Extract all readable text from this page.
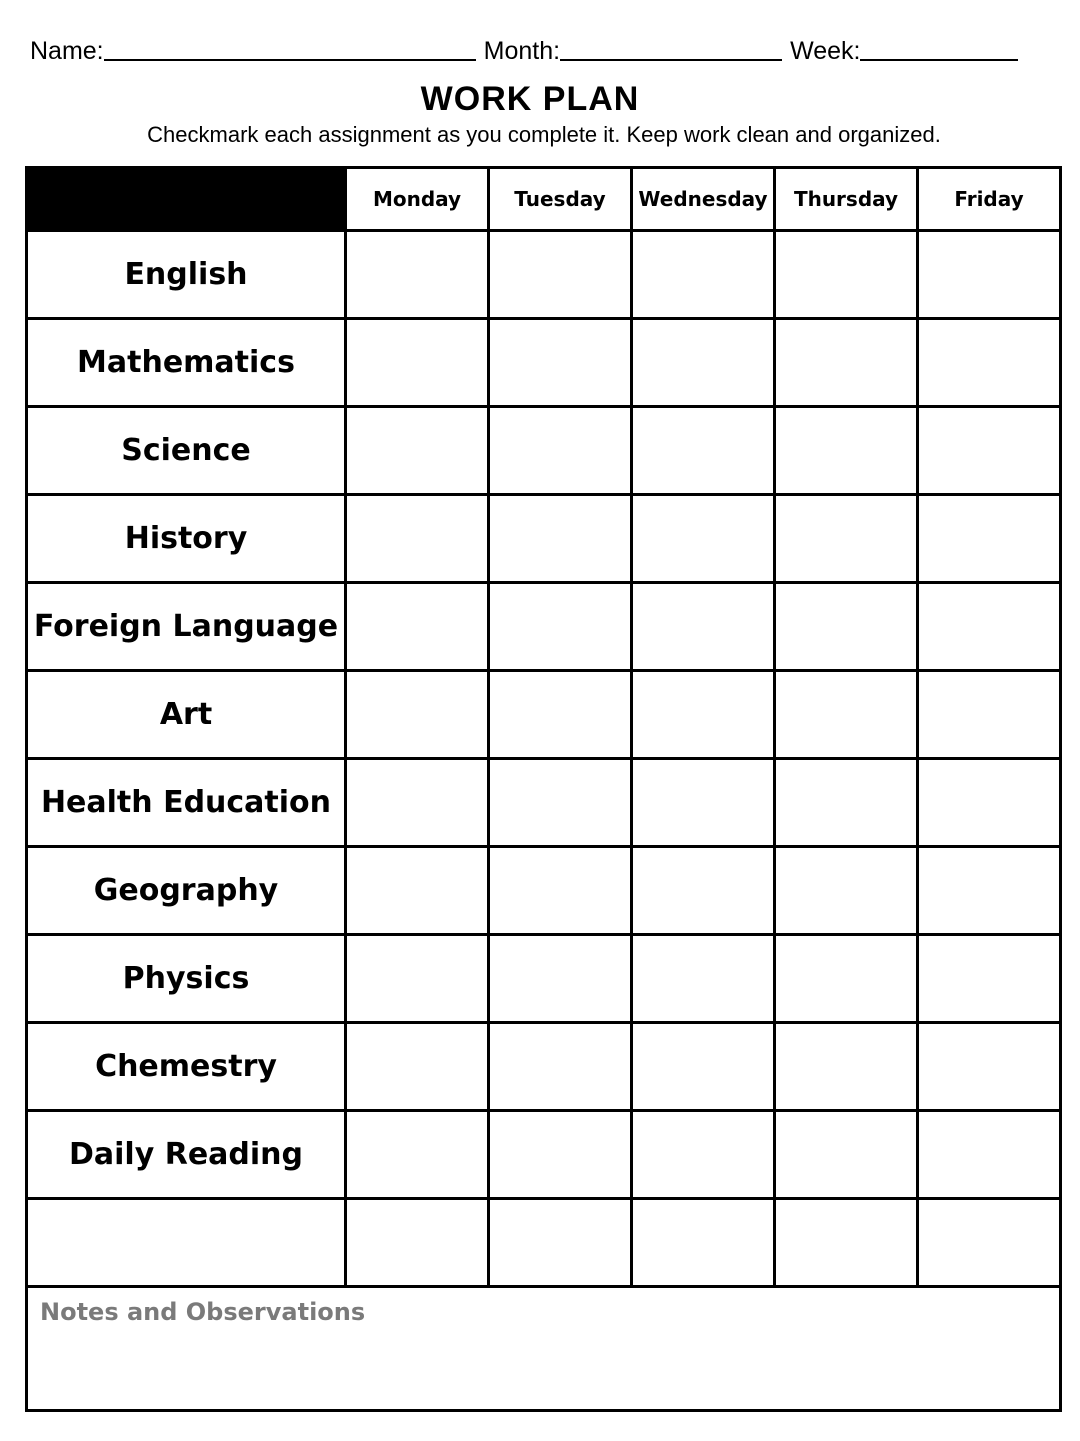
Name:	Month:	Week:
WORK PLAN
Checkmark each assignment as you complete it. Keep work clean and organized.
	Monday	Tuesday	Wednesday	Thursday	Friday
English					
Mathematics					
Science					
History					
Foreign Language					
Art					
Health Education					
Geography					
Physics					
Chemestry					
Daily Reading					

Notes and Observations					
